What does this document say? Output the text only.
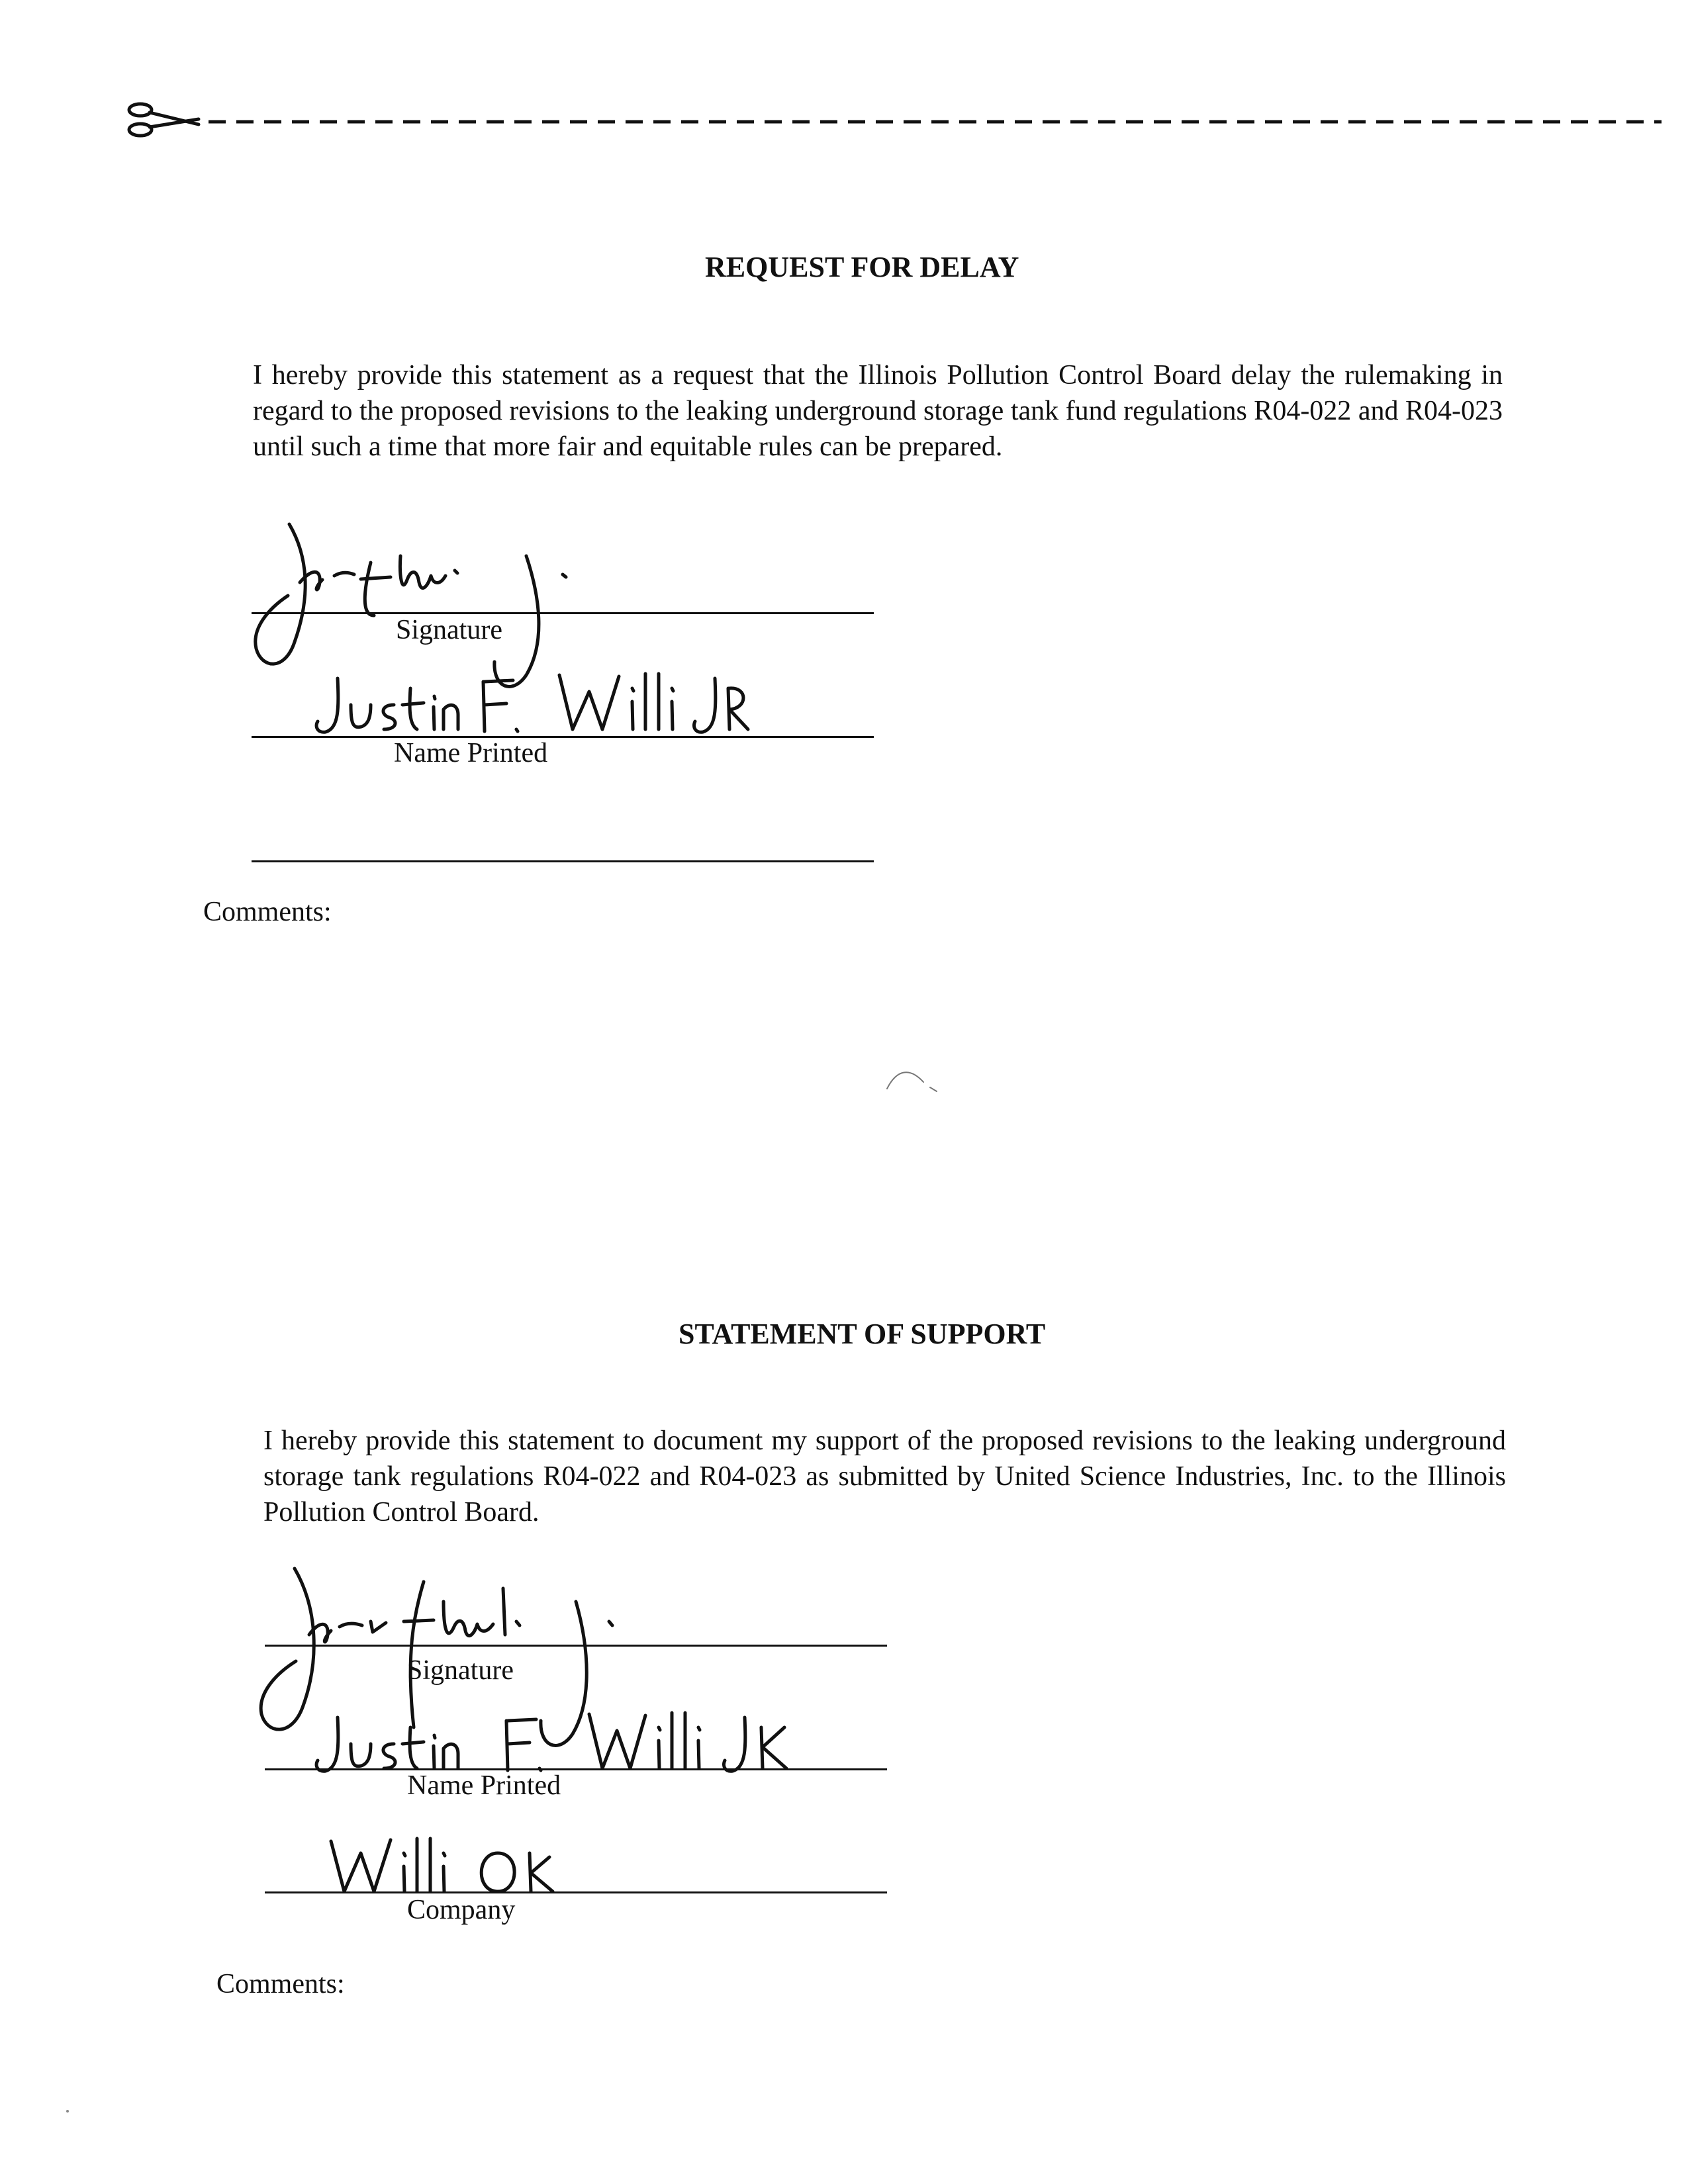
REQUEST FOR DELAY

I hereby provide this statement as a request that the Illinois Pollution Control Board delay the rulemaking in regard to the proposed revisions to the leaking underground storage tank fund regulations R04-022 and R04-023 until such a time that more fair and equitable rules can be prepared.

Signature
Name Printed
Comments:
STATEMENT OF SUPPORT

I hereby provide this statement to document my support of the proposed revisions to the leaking underground storage tank regulations R04-022 and R04-023 as submitted by United Science Industries, Inc. to the Illinois Pollution Control Board.

Signature
Name Printed
Company
Comments:
